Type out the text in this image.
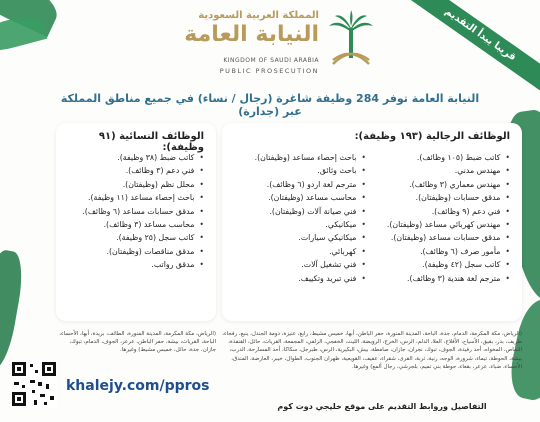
قريبا يبدأ التقديم
المملكة العربية السعودية
النيابة العامة
KINGDOM OF SAUDI ARABIA
PUBLIC PROSECUTION
النيابة العامة توفر 284 وظيفة شاغرة (رجال / نساء) في جميع مناطق المملكة عبر (جدارة)
الوظائف الرجالية (١٩٣ وظيفة):
• كاتب ضبط (١٠٥ وظائف).
• مهندس مدني.
• مهندس معماري (٣ وظائف).
• مدقق حسابات (وظيفتان).
• فني دعم (٩ وظائف).
• مهندس كهربائي مساعد (وظيفتان).
• مدقق حسابات مساعد (وظيفتان).
• مأمور صرف (٦ وظائف).
• كاتب سجل (٤٢ وظيفة).
• مترجم لغة هندية (٣ وظائف).
• باحث إحصاء مساعد (وظيفتان).
• باحث وثائق.
• مترجم لغة اردو (٦ وظائف).
• محاسب مساعد (وظيفتان).
• فني صيانة آلات (وظيفتان).
• ميكانيكي.
• ميكانيكي سيارات.
• كهربائي.
• فني تشغيل آلات.
• فني تبريد وتكييف.
الوظائف النسائية (٩١ وظيفة):
• كاتب ضبط (٣٨ وظيفة).
• فني دعم (٣ وظائف).
• محلل نظم (وظيفتان).
• باحث إحصاء مساعد (١١ وظيفة).
• مدقق حسابات مساعد (٦ وظائف).
• محاسب مساعد (٣ وظائف).
• كاتب سجل (٢٥ وظيفة).
• مدقق مناقصات (وظيفتان).
• مدقق رواتب.
(الرياض، مكة المكرمة، الدمام، جدة، الباحة، المدينة المنورة، حفر الباطن، أبها، خميس مشيط، رابغ، عنيزة، دومة الجندل، ينبع، رفحاء، طريف، بدر، بقيق، الأسياح، الأفلاج، العلا، الدلم، الرس، الخرج، الرويضة، الليث، الخفجي، الزلفي، المجمعة، القريات، حائل، القنفذة، النماص، المخواه، أحد رفيدة، الجوف، تبوك، نجران، جازان، صامطة، بيش، البكيرية، الرس، طبرجل، سكاكا، أحد المسارحة، الدرب، بيشة، الحوطة، تيماء، شرورة، الوجه، رنية، تربة، القرى، شقراء، عفيف، القويعية، ظهران الجنوب، الطوال، خيبر، العارضة، المندق، الأحساء، ضباء، عرعر، بقعاء، حوطة بني تميم، بلجرشي، رجال ألمع) وغيرها.
(الرياض، مكة المكرمة، المدينة المنورة، الطائف، بريدة، أبها، الأحساء، الباحة، القريات، بيشة، حفر الباطن، عرعر، الجوف، الدمام، تبوك، جازان، جدة، حائل، خميس مشيط) وغيرها.
khalejy.com/ppros
التفاصيل وروابط التقديم على موقع خليجي دوت كوم
